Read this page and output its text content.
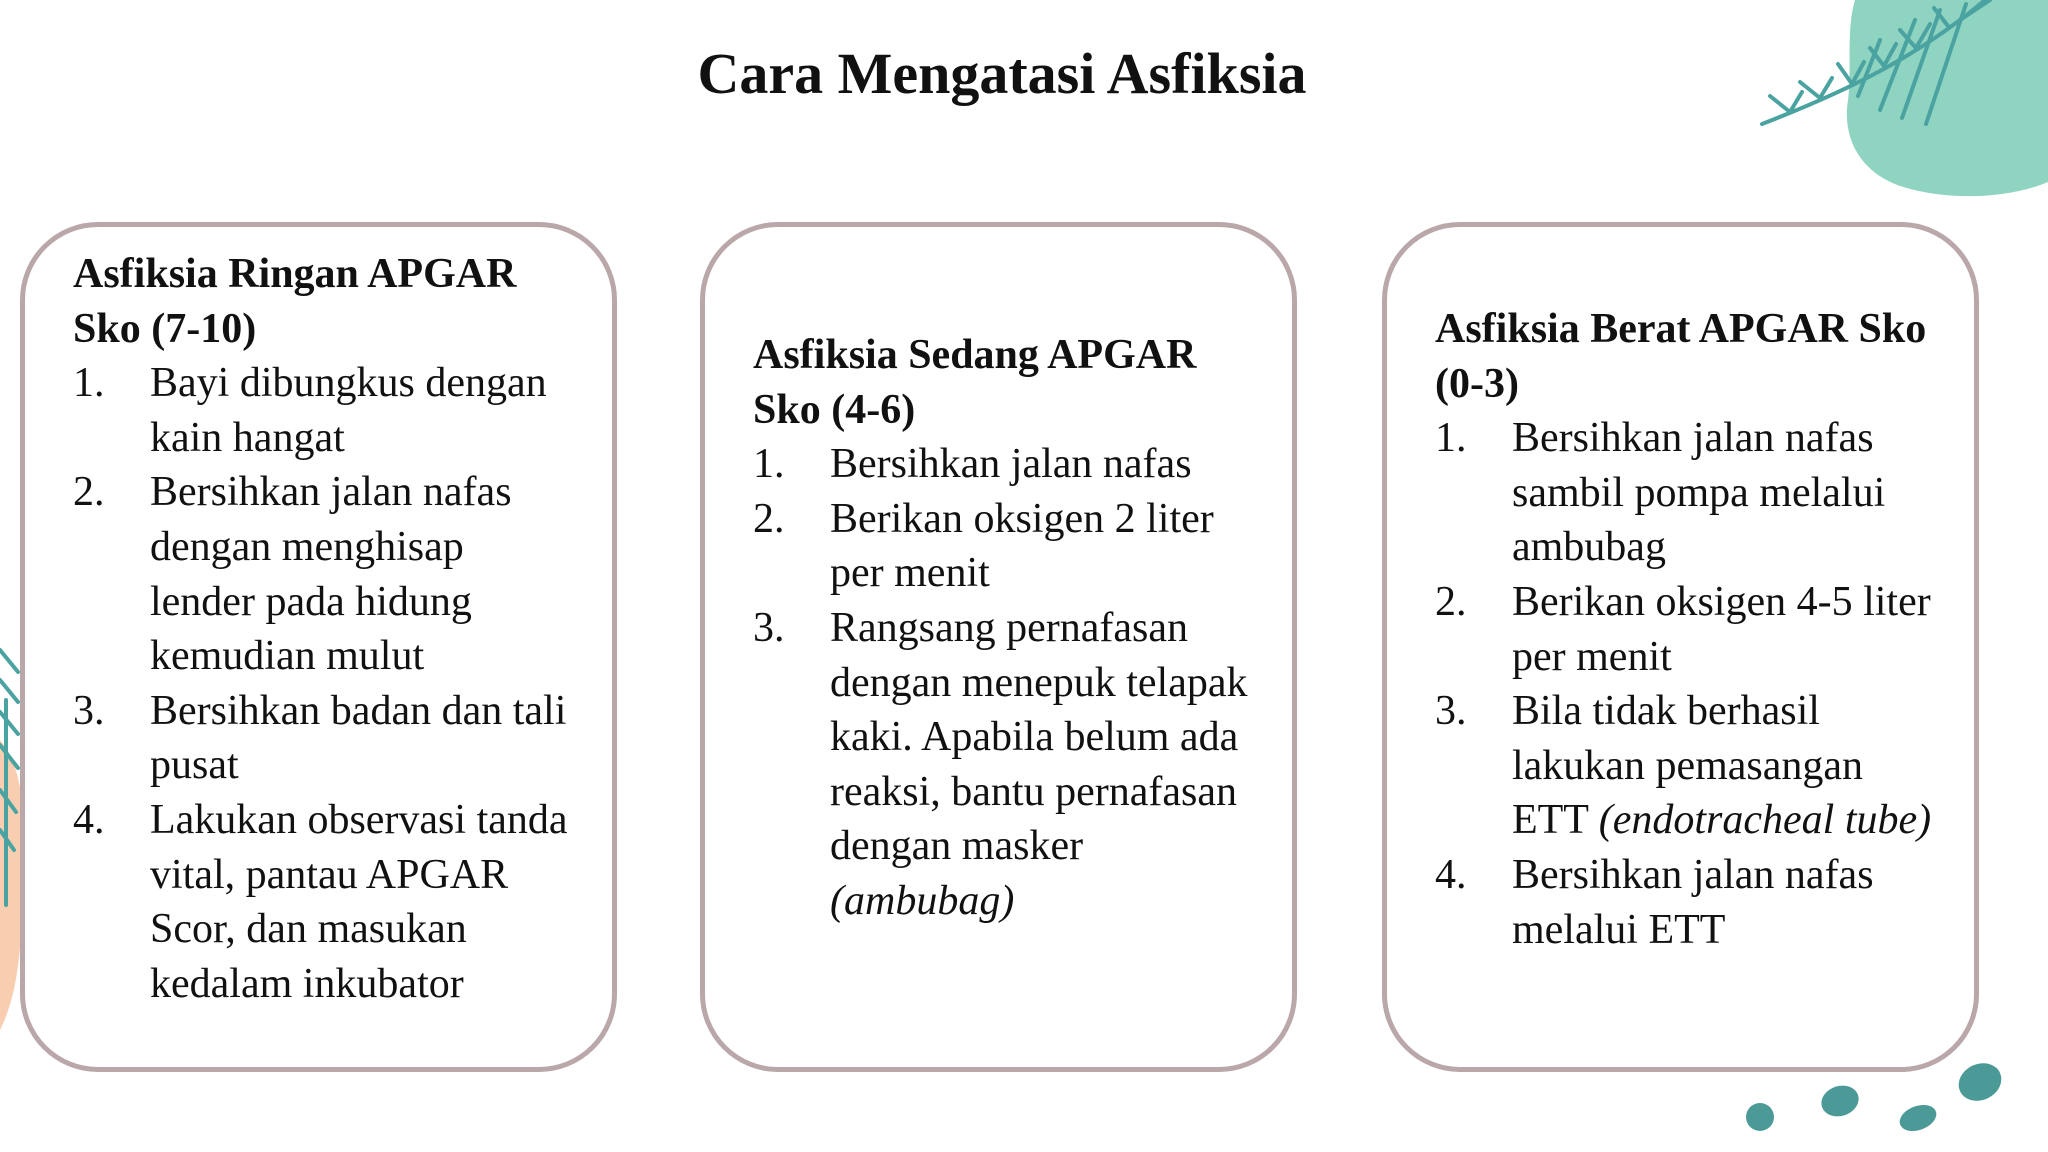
Cara Mengatasi Asfiksia

Asfiksia Ringan APGAR Sko (7-10)

1.	Bayi dibungkus dengan kain hangat
2.	Bersihkan jalan nafas dengan menghisap lender pada hidung kemudian mulut
3.	Bersihkan badan dan tali pusat
4.	Lakukan observasi tanda vital, pantau APGAR Scor, dan masukan kedalam inkubator

Asfiksia Sedang APGAR Sko (4-6)

1.	Bersihkan jalan nafas
2.	Berikan oksigen 2 liter per menit
3.	Rangsang pernafasan dengan menepuk telapak kaki. Apabila belum ada reaksi, bantu pernafasan dengan masker (ambubag)

Asfiksia Berat APGAR Sko (0-3)

1.	Bersihkan jalan nafas sambil pompa melalui ambubag
2.	Berikan oksigen 4-5 liter per menit
3.	Bila tidak berhasil lakukan pemasangan ETT (endotracheal tube)
4.	Bersihkan jalan nafas melalui ETT
